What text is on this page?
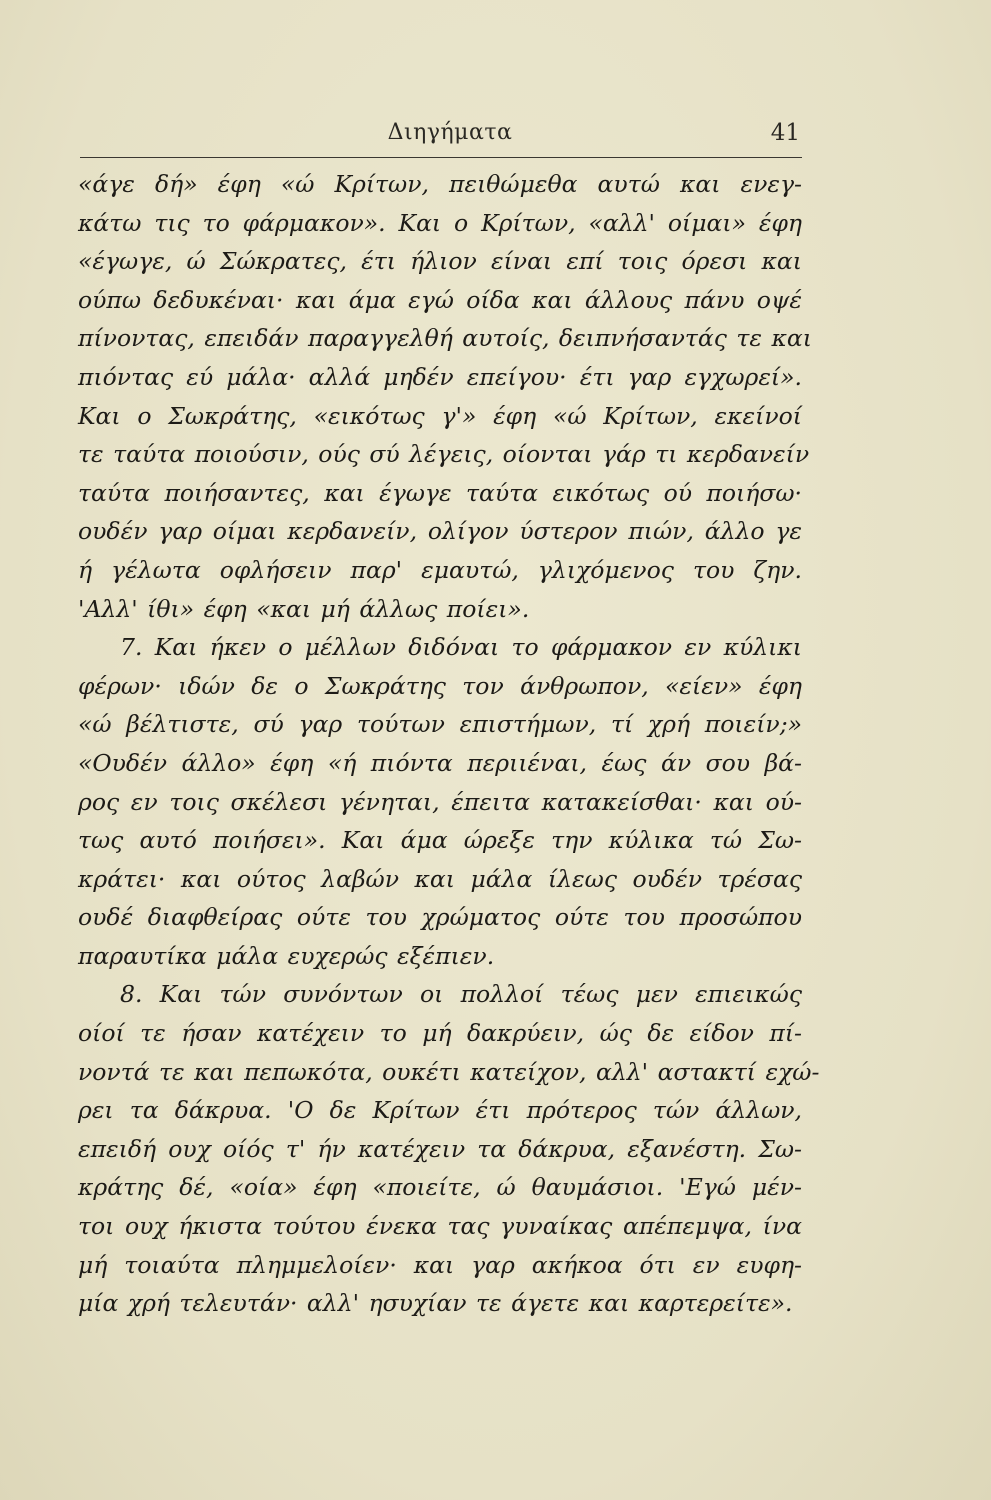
Διηγήματα	41
«άγε δή» έφη «ώ Κρίτων, πειθώμεθα αυτώ και ενεγ-
κάτω τις το φάρμακον». Και ο Κρίτων, «αλλ' οίμαι» έφη
«έγωγε, ώ Σώκρατες, έτι ήλιον είναι επί τοις όρεσι και
ούπω δεδυκέναι· και άμα εγώ οίδα και άλλους πάνυ οψέ
πίνοντας, επειδάν παραγγελθή αυτοίς, δειπνήσαντάς τε και
πιόντας εύ μάλα· αλλά μηδέν επείγου· έτι γαρ εγχωρεί».
Και ο Σωκράτης, «εικότως γ'» έφη «ώ Κρίτων, εκείνοί
τε ταύτα ποιούσιν, ούς σύ λέγεις, οίονται γάρ τι κερδανείν
ταύτα ποιήσαντες, και έγωγε ταύτα εικότως ού ποιήσω·
ουδέν γαρ οίμαι κερδανείν, ολίγον ύστερον πιών, άλλο γε
ή γέλωτα οφλήσειν παρ' εμαυτώ, γλιχόμενος του ζην.
'Αλλ' ίθι» έφη «και μή άλλως ποίει».
7. Και ήκεν ο μέλλων διδόναι το φάρμακον εν κύλικι
φέρων· ιδών δε ο Σωκράτης τον άνθρωπον, «είεν» έφη
«ώ βέλτιστε, σύ γαρ τούτων επιστήμων, τί χρή ποιείν;»
«Ουδέν άλλο» έφη «ή πιόντα περιιέναι, έως άν σου βά-
ρος εν τοις σκέλεσι γένηται, έπειτα κατακείσθαι· και ού-
τως αυτό ποιήσει». Και άμα ώρεξε την κύλικα τώ Σω-
κράτει· και ούτος λαβών και μάλα ίλεως ουδέν τρέσας
ουδέ διαφθείρας ούτε του χρώματος ούτε του προσώπου
παραυτίκα μάλα ευχερώς εξέπιεν.
8. Και τών συνόντων οι πολλοί τέως μεν επιεικώς
οίοί τε ήσαν κατέχειν το μή δακρύειν, ώς δε είδον πί-
νοντά τε και πεπωκότα, ουκέτι κατείχον, αλλ' αστακτί εχώ-
ρει τα δάκρυα. 'Ο δε Κρίτων έτι πρότερος τών άλλων,
επειδή ουχ οίός τ' ήν κατέχειν τα δάκρυα, εξανέστη. Σω-
κράτης δέ, «οία» έφη «ποιείτε, ώ θαυμάσιοι. 'Εγώ μέν-
τοι ουχ ήκιστα τούτου ένεκα τας γυναίκας απέπεμψα, ίνα
μή τοιαύτα πλημμελοίεν· και γαρ ακήκοα ότι εν ευφη-
μία χρή τελευτάν· αλλ' ησυχίαν τε άγετε και καρτερείτε».
